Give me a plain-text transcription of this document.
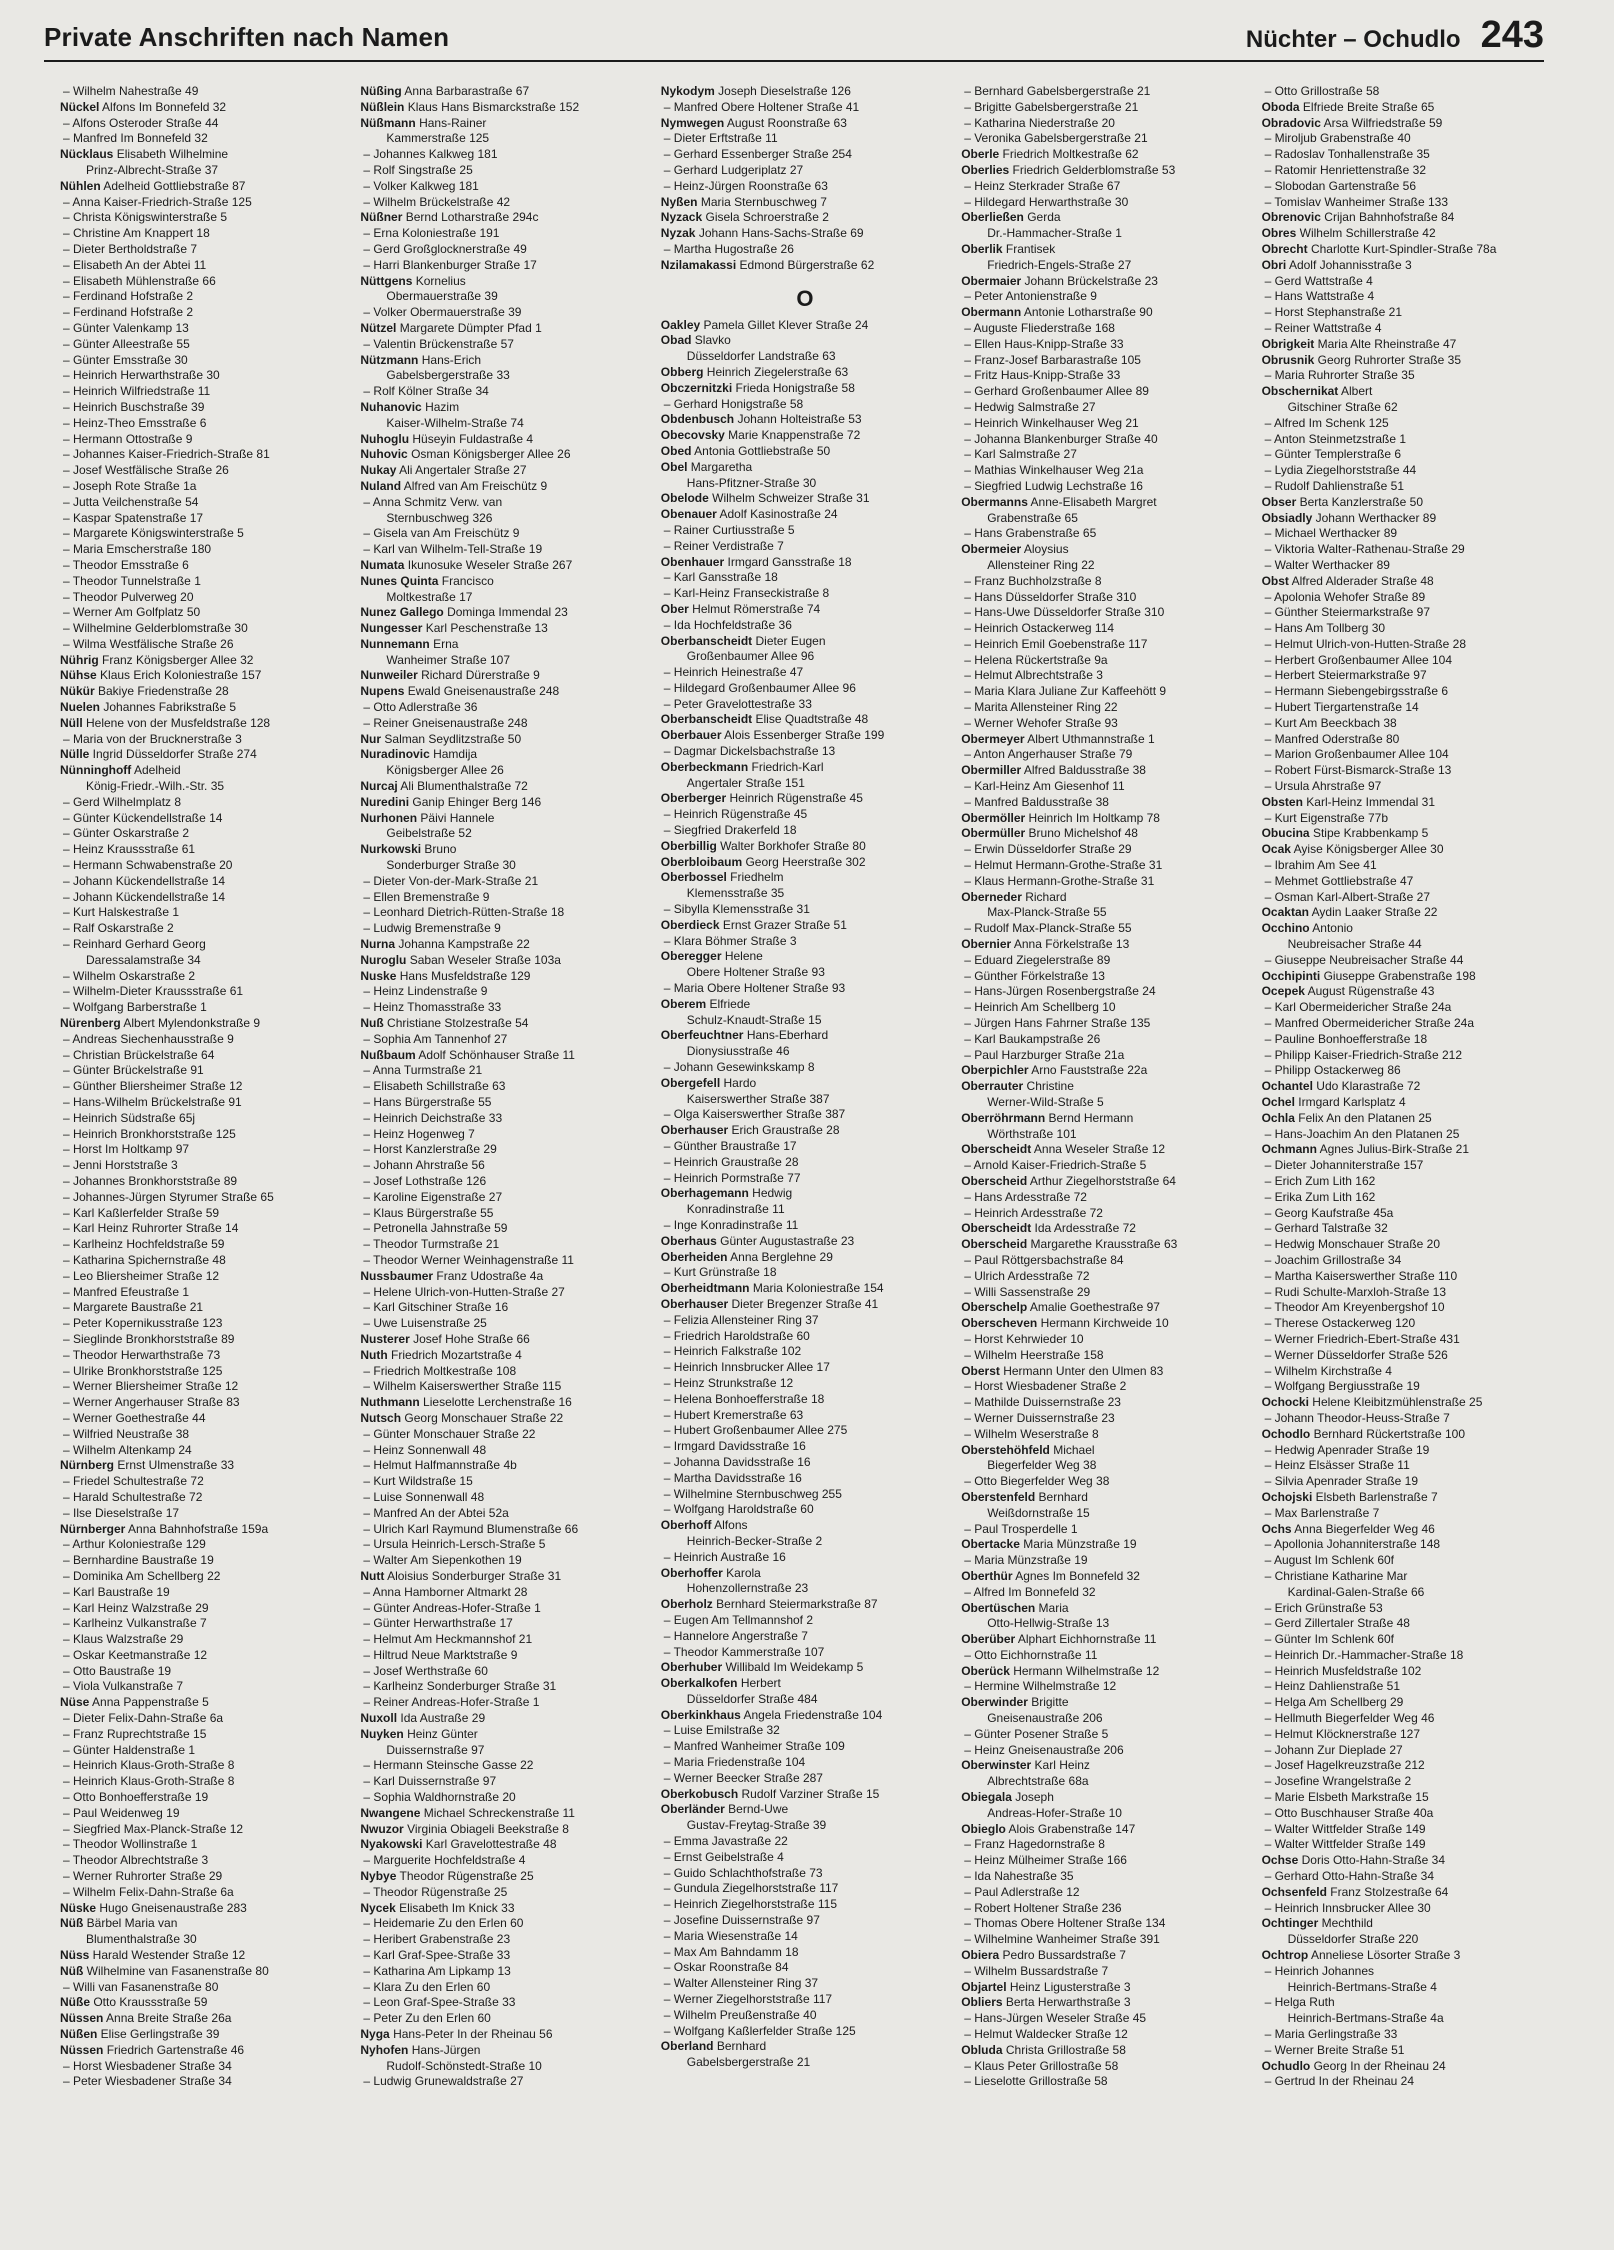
Private Anschriften nach Namen	Nüchter – Ochudlo 243
– Wilhelm Nahestraße 49
Nückel Alfons Im Bonnefeld 32
– Alfons Osteroder Straße 44
– Manfred Im Bonnefeld 32
Nücklaus Elisabeth Wilhelmine
Prinz-Albrecht-Straße 37
Nühlen Adelheid Gottliebstraße 87
– Anna Kaiser-Friedrich-Straße 125
– Christa Königswinterstraße 5
– Christine Am Knappert 18
– Dieter Bertholdstraße 7
– Elisabeth An der Abtei 11
– Elisabeth Mühlenstraße 66
– Ferdinand Hofstraße 2
– Ferdinand Hofstraße 2
– Günter Valenkamp 13
– Günter Alleestraße 55
– Günter Emsstraße 30
– Heinrich Herwarthstraße 30
– Heinrich Wilfriedstraße 11
– Heinrich Buschstraße 39
– Heinz-Theo Emsstraße 6
– Hermann Ottostraße 9
– Johannes Kaiser-Friedrich-Straße 81
– Josef Westfälische Straße 26
– Joseph Rote Straße 1a
– Jutta Veilchenstraße 54
– Kaspar Spatenstraße 17
– Margarete Königswinterstraße 5
– Maria Emscherstraße 180
– Theodor Emsstraße 6
– Theodor Tunnelstraße 1
– Theodor Pulverweg 20
– Werner Am Golfplatz 50
– Wilhelmine Gelderblomstraße 30
– Wilma Westfälische Straße 26
Nührig Franz Königsberger Allee 32
Nühse Klaus Erich Koloniestraße 157
Nükür Bakiye Friedenstraße 28
Nuelen Johannes Fabrikstraße 5
Nüll Helene von der Musfeldstraße 128
– Maria von der Brucknerstraße 3
Nülle Ingrid Düsseldorfer Straße 274
Nünninghoff Adelheid
König-Friedr.-Wilh.-Str. 35
– Gerd Wilhelmplatz 8
– Günter Kückendellstraße 14
– Günter Oskarstraße 2
– Heinz Kraussstraße 61
– Hermann Schwabenstraße 20
– Johann Kückendellstraße 14
– Johann Kückendellstraße 14
– Kurt Halskestraße 1
– Ralf Oskarstraße 2
– Reinhard Gerhard Georg
Daressalamstraße 34
– Wilhelm Oskarstraße 2
– Wilhelm-Dieter Kraussstraße 61
– Wolfgang Barberstraße 1
Nürenberg Albert Mylendonkstraße 9
– Andreas Siechenhausstraße 9
– Christian Brückelstraße 64
– Günter Brückelstraße 91
– Günther Bliersheimer Straße 12
– Hans-Wilhelm Brückelstraße 91
– Heinrich Südstraße 65j
– Heinrich Bronkhorststraße 125
– Horst Im Holtkamp 97
– Jenni Horststraße 3
– Johannes Bronkhorststraße 89
– Johannes-Jürgen Styrumer Straße 65
– Karl Kaßlerfelder Straße 59
– Karl Heinz Ruhrorter Straße 14
– Karlheinz Hochfeldstraße 59
– Katharina Spichernstraße 48
– Leo Bliersheimer Straße 12
– Manfred Efeustraße 1
– Margarete Baustraße 21
– Peter Kopernikusstraße 123
– Sieglinde Bronkhorststraße 89
– Theodor Herwarthstraße 73
– Ulrike Bronkhorststraße 125
– Werner Bliersheimer Straße 12
– Werner Angerhauser Straße 83
– Werner Goethestraße 44
– Wilfried Neustraße 38
– Wilhelm Altenkamp 24
Nürnberg Ernst Ulmenstraße 33
– Friedel Schultestraße 72
– Harald Schultestraße 72
– Ilse Dieselstraße 17
Nürnberger Anna Bahnhofstraße 159a
– Arthur Koloniestraße 129
– Bernhardine Baustraße 19
– Dominika Am Schellberg 22
– Karl Baustraße 19
– Karl Heinz Walzstraße 29
– Karlheinz Vulkanstraße 7
– Klaus Walzstraße 29
– Oskar Keetmanstraße 12
– Otto Baustraße 19
– Viola Vulkanstraße 7
Nüse Anna Pappenstraße 5
– Dieter Felix-Dahn-Straße 6a
– Franz Ruprechtstraße 15
– Günter Haldenstraße 1
– Heinrich Klaus-Groth-Straße 8
– Heinrich Klaus-Groth-Straße 8
– Otto Bonhoefferstraße 19
– Paul Weidenweg 19
– Siegfried Max-Planck-Straße 12
– Theodor Wollinstraße 1
– Theodor Albrechtstraße 3
– Werner Ruhrorter Straße 29
– Wilhelm Felix-Dahn-Straße 6a
Nüske Hugo Gneisenaustraße 283
Nüß Bärbel Maria van
Blumenthalstraße 30
Nüss Harald Westender Straße 12
Nüß Wilhelmine van Fasanenstraße 80
– Willi van Fasanenstraße 80
Nüße Otto Kraussstraße 59
Nüssen Anna Breite Straße 26a
Nüßen Elise Gerlingstraße 39
Nüssen Friedrich Gartenstraße 46
– Horst Wiesbadener Straße 34
– Peter Wiesbadener Straße 34
Nüßing Anna Barbarastraße 67
Nüßlein Klaus Hans Bismarckstraße 152
Nüßmann Hans-Rainer
Kammerstraße 125
– Johannes Kalkweg 181
– Rolf Singstraße 25
– Volker Kalkweg 181
– Wilhelm Brückelstraße 42
Nüßner Bernd Lotharstraße 294c
– Erna Koloniestraße 191
– Gerd Großglocknerstraße 49
– Harri Blankenburger Straße 17
Nüttgens Kornelius
Obermauerstraße 39
– Volker Obermauerstraße 39
Nützel Margarete Dümpter Pfad 1
– Valentin Brückenstraße 57
Nützmann Hans-Erich
Gabelsbergerstraße 33
– Rolf Kölner Straße 34
Nuhanovic Hazim
Kaiser-Wilhelm-Straße 74
Nuhoglu Hüseyin Fuldastraße 4
Nuhovic Osman Königsberger Allee 26
Nukay Ali Angertaler Straße 27
Nuland Alfred van Am Freischütz 9
– Anna Schmitz Verw. van
Sternbuschweg 326
– Gisela van Am Freischütz 9
– Karl van Wilhelm-Tell-Straße 19
Numata Ikunosuke Weseler Straße 267
Nunes Quinta Francisco
Moltkestraße 17
Nunez Gallego Dominga Immendal 23
Nungesser Karl Peschenstraße 13
Nunnemann Erna
Wanheimer Straße 107
Nunweiler Richard Dürerstraße 9
Nupens Ewald Gneisenaustraße 248
– Otto Adlerstraße 36
– Reiner Gneisenaustraße 248
Nur Salman Seydlitzstraße 50
Nuradinovic Hamdija
Königsberger Allee 26
Nurcaj Ali Blumenthalstraße 72
Nuredini Ganip Ehinger Berg 146
Nurhonen Päivi Hannele
Geibelstraße 52
Nurkowski Bruno
Sonderburger Straße 30
– Dieter Von-der-Mark-Straße 21
– Ellen Bremenstraße 9
– Leonhard Dietrich-Rütten-Straße 18
– Ludwig Bremenstraße 9
Nurna Johanna Kampstraße 22
Nuroglu Saban Weseler Straße 103a
Nuske Hans Musfeldstraße 129
– Heinz Lindenstraße 9
– Heinz Thomasstraße 33
Nuß Christiane Stolzestraße 54
– Sophia Am Tannenhof 27
Nußbaum Adolf Schönhauser Straße 11
– Anna Turmstraße 21
– Elisabeth Schillstraße 63
– Hans Bürgerstraße 55
– Heinrich Deichstraße 33
– Heinz Hogenweg 7
– Horst Kanzlerstraße 29
– Johann Ahrstraße 56
– Josef Lothstraße 126
– Karoline Eigenstraße 27
– Klaus Bürgerstraße 55
– Petronella Jahnstraße 59
– Theodor Turmstraße 21
– Theodor Werner Weinhagenstraße 11
Nussbaumer Franz Udostraße 4a
– Helene Ulrich-von-Hutten-Straße 27
– Karl Gitschiner Straße 16
– Uwe Luisenstraße 25
Nusterer Josef Hohe Straße 66
Nuth Friedrich Mozartstraße 4
– Friedrich Moltkestraße 108
– Wilhelm Kaiserswerther Straße 115
Nuthmann Lieselotte Lerchenstraße 16
Nutsch Georg Monschauer Straße 22
– Günter Monschauer Straße 22
– Heinz Sonnenwall 48
– Helmut Halfmannstraße 4b
– Kurt Wildstraße 15
– Luise Sonnenwall 48
– Manfred An der Abtei 52a
– Ulrich Karl Raymund Blumenstraße 66
– Ursula Heinrich-Lersch-Straße 5
– Walter Am Siepenkothen 19
Nutt Aloisius Sonderburger Straße 31
– Anna Hamborner Altmarkt 28
– Günter Andreas-Hofer-Straße 1
– Günter Herwarthstraße 17
– Helmut Am Heckmannshof 21
– Hiltrud Neue Marktstraße 9
– Josef Werthstraße 60
– Karlheinz Sonderburger Straße 31
– Reiner Andreas-Hofer-Straße 1
Nuxoll Ida Austraße 29
Nuyken Heinz Günter
Duissernstraße 97
– Hermann Steinsche Gasse 22
– Karl Duissernstraße 97
– Sophia Waldhornstraße 20
Nwangene Michael Schreckenstraße 11
Nwuzor Virginia Obiageli Beekstraße 8
Nyakowski Karl Gravelottestraße 48
– Marguerite Hochfeldstraße 4
Nybye Theodor Rügenstraße 25
– Theodor Rügenstraße 25
Nycek Elisabeth Im Knick 33
– Heidemarie Zu den Erlen 60
– Heribert Grabenstraße 23
– Karl Graf-Spee-Straße 33
– Katharina Am Lipkamp 13
– Klara Zu den Erlen 60
– Leon Graf-Spee-Straße 33
– Peter Zu den Erlen 60
Nyga Hans-Peter In der Rheinau 56
Nyhofen Hans-Jürgen
Rudolf-Schönstedt-Straße 10
– Ludwig Grunewaldstraße 27
Nykodym Joseph Dieselstraße 126
– Manfred Obere Holtener Straße 41
Nymwegen August Roonstraße 63
– Dieter Erftstraße 11
– Gerhard Essenberger Straße 254
– Gerhard Ludgeriplatz 27
– Heinz-Jürgen Roonstraße 63
Nyßen Maria Sternbuschweg 7
Nyzack Gisela Schroerstraße 2
Nyzak Johann Hans-Sachs-Straße 69
– Martha Hugostraße 26
Nzilamakassi Edmond Bürgerstraße 62
O
Oakley Pamela Gillet Klever Straße 24
Obad Slavko
Düsseldorfer Landstraße 63
Obberg Heinrich Ziegelerstraße 63
Obczernitzki Frieda Honigstraße 58
– Gerhard Honigstraße 58
Obdenbusch Johann Holteistraße 53
Obecovsky Marie Knappenstraße 72
Obed Antonia Gottliebstraße 50
Obel Margaretha
Hans-Pfitzner-Straße 30
Obelode Wilhelm Schweizer Straße 31
Obenauer Adolf Kasinostraße 24
– Rainer Curtiusstraße 5
– Reiner Verdistraße 7
Obenhauer Irmgard Gansstraße 18
– Karl Gansstraße 18
– Karl-Heinz Franseckistraße 8
Ober Helmut Römerstraße 74
– Ida Hochfeldstraße 36
Oberbanscheidt Dieter Eugen
Großenbaumer Allee 96
– Heinrich Heinestraße 47
– Hildegard Großenbaumer Allee 96
– Peter Gravelottestraße 33
Oberbanscheidt Elise Quadtstraße 48
Oberbauer Alois Essenberger Straße 199
– Dagmar Dickelsbachstraße 13
Oberbeckmann Friedrich-Karl
Angertaler Straße 151
Oberberger Heinrich Rügenstraße 45
– Heinrich Rügenstraße 45
– Siegfried Drakerfeld 18
Oberbillig Walter Borkhofer Straße 80
Oberbloibaum Georg Heerstraße 302
Oberbossel Friedhelm
Klemensstraße 35
– Sibylla Klemensstraße 31
Oberdieck Ernst Grazer Straße 51
– Klara Böhmer Straße 3
Oberegger Helene
Obere Holtener Straße 93
– Maria Obere Holtener Straße 93
Oberem Elfriede
Schulz-Knaudt-Straße 15
Oberfeuchtner Hans-Eberhard
Dionysiusstraße 46
– Johann Gesewinkskamp 8
Obergefell Hardo
Kaiserswerther Straße 387
– Olga Kaiserswerther Straße 387
Oberhauser Erich Graustraße 28
– Günther Braustraße 17
– Heinrich Graustraße 28
– Heinrich Pormstraße 77
Oberhagemann Hedwig
Konradinstraße 11
– Inge Konradinstraße 11
Oberhaus Günter Augustastraße 23
Oberheiden Anna Berglehne 29
– Kurt Grünstraße 18
Oberheidtmann Maria Koloniestraße 154
Oberhauser Dieter Bregenzer Straße 41
– Felizia Allensteiner Ring 37
– Friedrich Haroldstraße 60
– Heinrich Falkstraße 102
– Heinrich Innsbrucker Allee 17
– Heinz Strunkstraße 12
– Helena Bonhoefferstraße 18
– Hubert Kremerstraße 63
– Hubert Großenbaumer Allee 275
– Irmgard Davidsstraße 16
– Johanna Davidsstraße 16
– Martha Davidsstraße 16
– Wilhelmine Sternbuschweg 255
– Wolfgang Haroldstraße 60
Oberhoff Alfons
Heinrich-Becker-Straße 2
– Heinrich Austraße 16
Oberhoffer Karola
Hohenzollernstraße 23
Oberholz Bernhard Steiermarkstraße 87
– Eugen Am Tellmannshof 2
– Hannelore Angerstraße 7
– Theodor Kammerstraße 107
Oberhuber Willibald Im Weidekamp 5
Oberkalkofen Herbert
Düsseldorfer Straße 484
Oberkinkhaus Angela Friedenstraße 104
– Luise Emilstraße 32
– Manfred Wanheimer Straße 109
– Maria Friedenstraße 104
– Werner Beecker Straße 287
Oberkobusch Rudolf Varziner Straße 15
Oberländer Bernd-Uwe
Gustav-Freytag-Straße 39
– Emma Javastraße 22
– Ernst Geibelstraße 4
– Guido Schlachthofstraße 73
– Gundula Ziegelhorststraße 117
– Heinrich Ziegelhorststraße 115
– Josefine Duissernstraße 97
– Maria Wiesenstraße 14
– Max Am Bahndamm 18
– Oskar Roonstraße 84
– Walter Allensteiner Ring 37
– Werner Ziegelhorststraße 117
– Wilhelm Preußenstraße 40
– Wolfgang Kaßlerfelder Straße 125
Oberland Bernhard
Gabelsbergerstraße 21
– Bernhard Gabelsbergerstraße 21
– Brigitte Gabelsbergerstraße 21
– Katharina Niederstraße 20
– Veronika Gabelsbergerstraße 21
Oberle Friedrich Moltkestraße 62
Oberlies Friedrich Gelderblomstraße 53
– Heinz Sterkrader Straße 67
– Hildegard Herwarthstraße 30
Oberließen Gerda
Dr.-Hammacher-Straße 1
Oberlik Frantisek
Friedrich-Engels-Straße 27
Obermaier Johann Brückelstraße 23
– Peter Antonienstraße 9
Obermann Antonie Lotharstraße 90
– Auguste Fliederstraße 168
– Ellen Haus-Knipp-Straße 33
– Franz-Josef Barbarastraße 105
– Fritz Haus-Knipp-Straße 33
– Gerhard Großenbaumer Allee 89
– Hedwig Salmstraße 27
– Heinrich Winkelhauser Weg 21
– Johanna Blankenburger Straße 40
– Karl Salmstraße 27
– Mathias Winkelhauser Weg 21a
– Siegfried Ludwig Lechstraße 16
Obermanns Anne-Elisabeth Margret
Grabenstraße 65
– Hans Grabenstraße 65
Obermeier Aloysius
Allensteiner Ring 22
– Franz Buchholzstraße 8
– Hans Düsseldorfer Straße 310
– Hans-Uwe Düsseldorfer Straße 310
– Heinrich Ostackerweg 114
– Heinrich Emil Goebenstraße 117
– Helena Rückertstraße 9a
– Helmut Albrechtstraße 3
– Maria Klara Juliane Zur Kaffeehött 9
– Marita Allensteiner Ring 22
– Werner Wehofer Straße 93
Obermeyer Albert Uthmannstraße 1
– Anton Angerhauser Straße 79
Obermiller Alfred Baldusstraße 38
– Karl-Heinz Am Giesenhof 11
– Manfred Baldusstraße 38
Obermöller Heinrich Im Holtkamp 78
Obermüller Bruno Michelshof 48
– Erwin Düsseldorfer Straße 29
– Helmut Hermann-Grothe-Straße 31
– Klaus Hermann-Grothe-Straße 31
Oberneder Richard
Max-Planck-Straße 55
– Rudolf Max-Planck-Straße 55
Obernier Anna Förkelstraße 13
– Eduard Ziegelerstraße 89
– Günther Förkelstraße 13
– Hans-Jürgen Rosenbergstraße 24
– Heinrich Am Schellberg 10
– Jürgen Hans Fahrner Straße 135
– Karl Baukampstraße 26
– Paul Harzburger Straße 21a
Oberpichler Arno Fauststraße 22a
Oberrauter Christine
Werner-Wild-Straße 5
Oberröhrmann Bernd Hermann
Wörthstraße 101
Oberscheidt Anna Weseler Straße 12
– Arnold Kaiser-Friedrich-Straße 5
Oberscheid Arthur Ziegelhorststraße 64
– Hans Ardesstraße 72
– Heinrich Ardesstraße 72
Oberscheidt Ida Ardesstraße 72
Oberscheid Margarethe Krausstraße 63
– Paul Röttgersbachstraße 84
– Ulrich Ardesstraße 72
– Willi Sassenstraße 29
Oberschelp Amalie Goethestraße 97
Oberscheven Hermann Kirchweide 10
– Horst Kehrwieder 10
– Wilhelm Heerstraße 158
Oberst Hermann Unter den Ulmen 83
– Horst Wiesbadener Straße 2
– Mathilde Duissernstraße 23
– Werner Duissernstraße 23
– Wilhelm Weserstraße 8
Oberstehöhfeld Michael
Biegerfelder Weg 38
– Otto Biegerfelder Weg 38
Oberstenfeld Bernhard
Weißdornstraße 15
– Paul Trosperdelle 1
Obertacke Maria Münzstraße 19
– Maria Münzstraße 19
Oberthür Agnes Im Bonnefeld 32
– Alfred Im Bonnefeld 32
Obertüschen Maria
Otto-Hellwig-Straße 13
Oberüber Alphart Eichhornstraße 11
– Otto Eichhornstraße 11
Oberück Hermann Wilhelmstraße 12
– Hermine Wilhelmstraße 12
Oberwinder Brigitte
Gneisenaustraße 206
– Günter Posener Straße 5
– Heinz Gneisenaustraße 206
Oberwinster Karl Heinz
Albrechtstraße 68a
Obiegala Joseph
Andreas-Hofer-Straße 10
Obieglo Alois Grabenstraße 147
– Franz Hagedornstraße 8
– Heinz Mülheimer Straße 166
– Ida Nahestraße 35
– Paul Adlerstraße 12
– Robert Holtener Straße 236
– Thomas Obere Holtener Straße 134
– Wilhelmine Wanheimer Straße 391
Obiera Pedro Bussardstraße 7
– Wilhelm Bussardstraße 7
Objartel Heinz Ligusterstraße 3
Obliers Berta Herwarthstraße 3
– Hans-Jürgen Weseler Straße 45
– Helmut Waldecker Straße 12
Obluda Christa Grillostraße 58
– Klaus Peter Grillostraße 58
– Lieselotte Grillostraße 58
– Otto Grillostraße 58
Oboda Elfriede Breite Straße 65
Obradovic Arsa Wilfriedstraße 59
– Miroljub Grabenstraße 40
– Radoslav Tonhallenstraße 35
– Ratomir Henriettenstraße 32
– Slobodan Gartenstraße 56
– Tomislav Wanheimer Straße 133
Obrenovic Crijan Bahnhofstraße 84
Obres Wilhelm Schillerstraße 42
Obrecht Charlotte Kurt-Spindler-Straße 78a
Obri Adolf Johannisstraße 3
– Gerd Wattstraße 4
– Hans Wattstraße 4
– Horst Stephanstraße 21
– Reiner Wattstraße 4
Obrigkeit Maria Alte Rheinstraße 47
Obrusnik Georg Ruhrorter Straße 35
– Maria Ruhrorter Straße 35
Obschernikat Albert
Gitschiner Straße 62
– Alfred Im Schenk 125
– Anton Steinmetzstraße 1
– Günter Templerstraße 6
– Lydia Ziegelhorststraße 44
– Rudolf Dahlienstraße 51
Obser Berta Kanzlerstraße 50
Obsiadly Johann Werthacker 89
– Michael Werthacker 89
– Viktoria Walter-Rathenau-Straße 29
– Walter Werthacker 89
Obst Alfred Alderader Straße 48
– Apolonia Wehofer Straße 89
– Günther Steiermarkstraße 97
– Hans Am Tollberg 30
– Helmut Ulrich-von-Hutten-Straße 28
– Herbert Großenbaumer Allee 104
– Herbert Steiermarkstraße 97
– Hermann Siebengebirgsstraße 6
– Hubert Tiergartenstraße 14
– Kurt Am Beeckbach 38
– Manfred Oderstraße 80
– Marion Großenbaumer Allee 104
– Robert Fürst-Bismarck-Straße 13
– Ursula Ahrstraße 97
Obsten Karl-Heinz Immendal 31
– Kurt Eigenstraße 77b
Obucina Stipe Krabbenkamp 5
Ocak Ayise Königsberger Allee 30
– Ibrahim Am See 41
– Mehmet Gottliebstraße 47
– Osman Karl-Albert-Straße 27
Ocaktan Aydin Laaker Straße 22
Occhino Antonio
Neubreisacher Straße 44
– Giuseppe Neubreisacher Straße 44
Occhipinti Giuseppe Grabenstraße 198
Ocepek August Rügenstraße 43
– Karl Obermeidericher Straße 24a
– Manfred Obermeidericher Straße 24a
– Pauline Bonhoefferstraße 18
– Philipp Kaiser-Friedrich-Straße 212
– Philipp Ostackerweg 86
Ochantel Udo Klarastraße 72
Ochel Irmgard Karlsplatz 4
Ochla Felix An den Platanen 25
– Hans-Joachim An den Platanen 25
Ochmann Agnes Julius-Birk-Straße 21
– Dieter Johanniterstraße 157
– Erich Zum Lith 162
– Erika Zum Lith 162
– Georg Kaufstraße 45a
– Gerhard Talstraße 32
– Hedwig Monschauer Straße 20
– Joachim Grillostraße 34
– Martha Kaiserswerther Straße 110
– Rudi Schulte-Marxloh-Straße 13
– Theodor Am Kreyenbergshof 10
– Therese Ostackerweg 120
– Werner Friedrich-Ebert-Straße 431
– Werner Düsseldorfer Straße 526
– Wilhelm Kirchstraße 4
– Wolfgang Bergiusstraße 19
Ochocki Helene Kleibitzmühlenstraße 25
– Johann Theodor-Heuss-Straße 7
Ochodlo Bernhard Rückertstraße 100
– Hedwig Apenrader Straße 19
– Heinz Elsässer Straße 11
– Silvia Apenrader Straße 19
Ochojski Elsbeth Barlenstraße 7
– Max Barlenstraße 7
Ochs Anna Biegerfelder Weg 46
– Apollonia Johanniterstraße 148
– August Im Schlenk 60f
– Christiane Katharine Mar
Kardinal-Galen-Straße 66
– Erich Grünstraße 53
– Gerd Zillertaler Straße 48
– Günter Im Schlenk 60f
– Heinrich Dr.-Hammacher-Straße 18
– Heinrich Musfeldstraße 102
– Heinz Dahlienstraße 51
– Helga Am Schellberg 29
– Hellmuth Biegerfelder Weg 46
– Helmut Klöcknerstraße 127
– Johann Zur Dieplade 27
– Josef Hagelkreuzstraße 212
– Josefine Wrangelstraße 2
– Marie Elsbeth Markstraße 15
– Otto Buschhauser Straße 40a
– Walter Wittfelder Straße 149
– Walter Wittfelder Straße 149
Ochse Doris Otto-Hahn-Straße 34
– Gerhard Otto-Hahn-Straße 34
Ochsenfeld Franz Stolzestraße 64
– Heinrich Innsbrucker Allee 30
Ochtinger Mechthild
Düsseldorfer Straße 220
Ochtrop Anneliese Lösorter Straße 3
– Heinrich Johannes
Heinrich-Bertmans-Straße 4
– Helga Ruth
Heinrich-Bertmans-Straße 4a
– Maria Gerlingstraße 33
– Werner Breite Straße 51
Ochudlo Georg In der Rheinau 24
– Gertrud In der Rheinau 24
